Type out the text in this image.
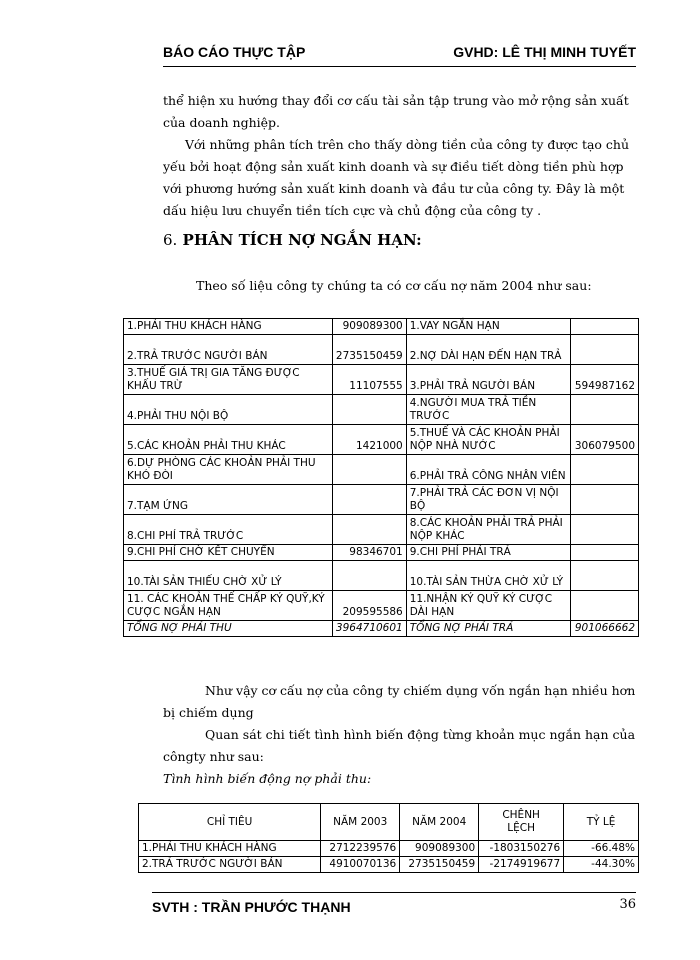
BÁO CÁO THỰC TẬP	GVHD: LÊ THỊ MINH TUYẾT
thể hiện xu hướng thay đổi cơ cấu tài sản tập trung vào mở rộng sản xuất
của doanh nghiệp.
Với những phân tích trên cho thấy dòng tiền của công ty được tạo chủ
yếu bởi hoạt động sản xuất kinh doanh và sự điều tiết dòng tiền phù hợp
với phương hướng sản xuất kinh doanh và đầu tư của công ty. Đây là một
dấu hiệu lưu chuyển tiền tích cực và chủ động của công ty .
6. PHÂN TÍCH NỢ NGẮN HẠN:
Theo số liệu công ty chúng ta có cơ cấu nợ năm 2004 như sau:
1.PHẢI THU KHÁCH HÀNG	909089300	1.VAY NGẮN HẠN	
2.TRẢ TRƯỚC NGƯỜI BÁN	2735150459	2.NỢ DÀI HẠN ĐẾN HẠN TRẢ	
3.THUẾ GIÁ TRỊ GIA TĂNG ĐƯỢC KHẤU TRỪ	11107555	3.PHẢI TRẢ NGƯỜI BÁN	594987162
4.PHẢI THU NỘI BỘ		4.NGƯỜI MUA TRẢ TIỀN TRƯỚC	
5.CÁC KHOẢN PHẢI THU KHÁC	1421000	5.THUẾ VÀ CÁC KHOẢN PHẢI NỘP NHÀ NƯỚC	306079500
6.DỰ PHÒNG CÁC KHOẢN PHẢI THU KHÓ ĐÒI		6.PHẢI TRẢ CÔNG NHÂN VIÊN	
7.TẠM ỨNG		7.PHẢI TRẢ CÁC ĐƠN VỊ NỘI BỘ	
8.CHI PHÍ TRẢ TRƯỚC		8.CÁC KHOẢN PHẢI TRẢ PHẢI NỘP KHÁC	
9.CHI PHÍ CHỜ KẾT CHUYỂN	98346701	9.CHI PHÍ PHẢI TRẢ	
10.TÀI SẢN THIẾU CHỜ XỬ LÝ		10.TÀI SẢN THỪA CHỜ XỬ LÝ	
11. CÁC KHOẢN THẾ CHẤP KÝ QUỸ,KÝ CƯỢC NGẮN HẠN	209595586	11.NHẬN KÝ QUỸ KÝ CƯỢC DÀI HẠN	
TỔNG NỢ PHẢI THU	3964710601	TỔNG NỢ PHẢI TRẢ	901066662
Như vậy cơ cấu nợ của công ty chiếm dụng vốn ngắn hạn nhiều hơn
bị chiếm dụng
Quan sát chi tiết tình hình biến động từng khoản mục ngắn hạn của
côngty như sau:
Tình hình biến động nợ phải thu:
CHỈ TIÊU	NĂM 2003	NĂM 2004	CHÊNH LỆCH	TỶ LỆ
1.PHẢI THU KHÁCH HÀNG	2712239576	909089300	-1803150276	-66.48%
2.TRẢ TRƯỚC NGƯỜI BÁN	4910070136	2735150459	-2174919677	-44.30%
SVTH : TRẦN PHƯỚC THẠNH	36
